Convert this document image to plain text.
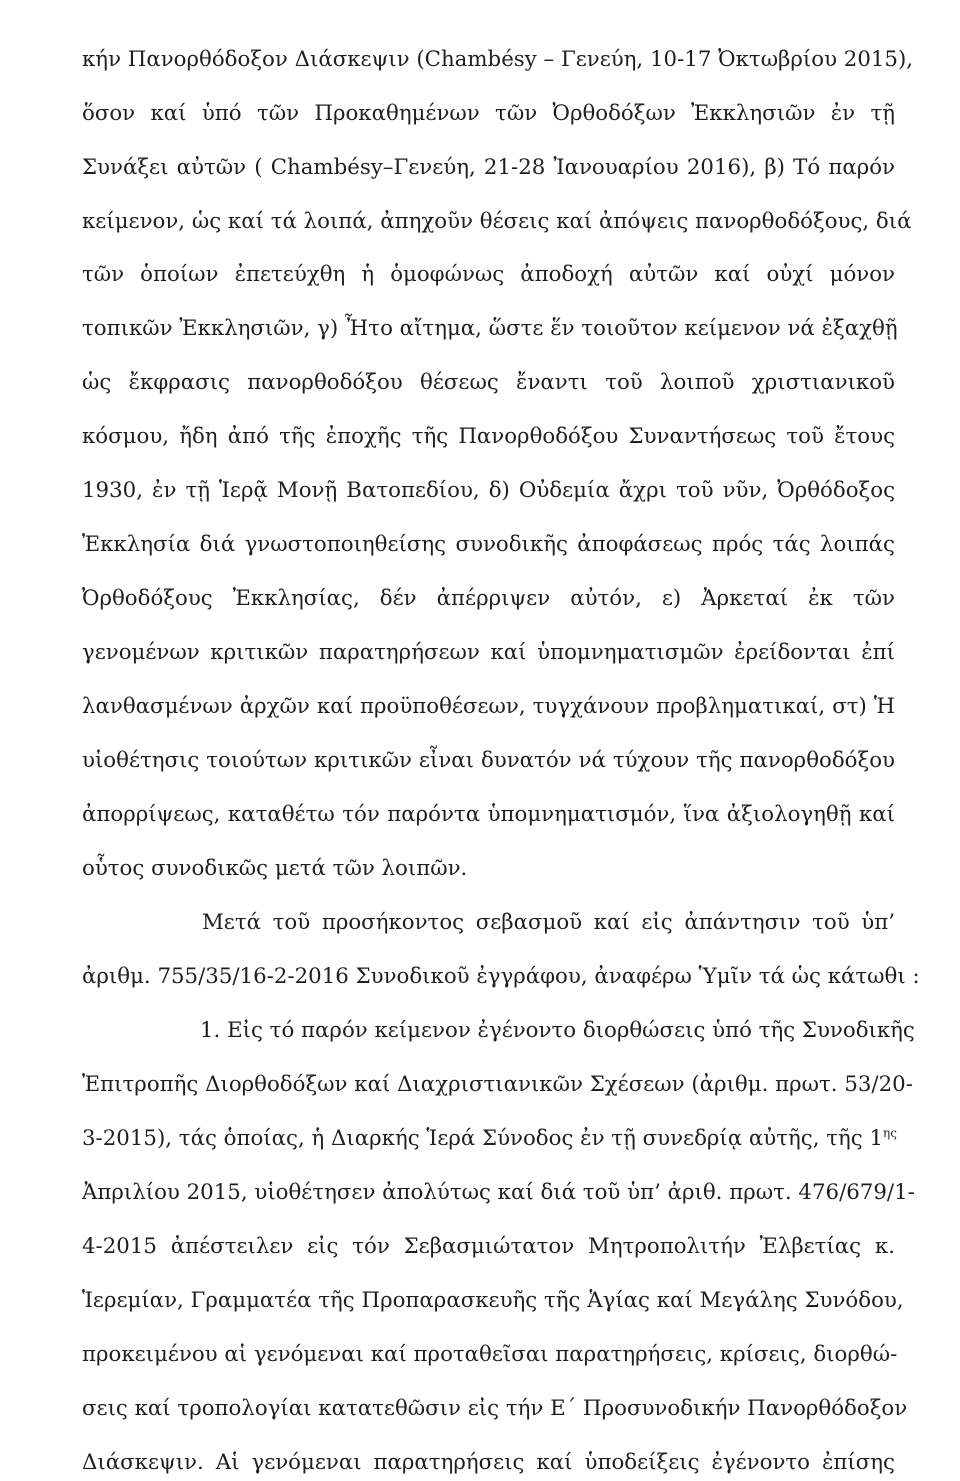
κήν Πανορθόδοξον Διάσκεψιν (Chambésy – Γενεύη, 10-17 Ὀκτωβρίου 2015),
ὅσον καί ὑπό τῶν Προκαθημένων τῶν Ὀρθοδόξων Ἐκκλησιῶν ἐν τῇ
Συνάξει αὐτῶν ( Chambésy–Γενεύη, 21-28 Ἰανουαρίου 2016), β) Τό παρόν
κείμενον, ὡς καί τά λοιπά, ἀπηχοῦν θέσεις καί ἀπόψεις πανορθοδόξους, διά
τῶν ὁποίων ἐπετεύχθη ἡ ὁμοφώνως ἀποδοχή αὐτῶν καί οὐχί μόνον
τοπικῶν Ἐκκλησιῶν, γ) Ἦτο αἴτημα, ὥστε ἕν τοιοῦτον κείμενον νά ἐξαχθῇ
ὡς ἔκφρασις πανορθοδόξου θέσεως ἔναντι τοῦ λοιποῦ χριστιανικοῦ
κόσμου, ἤδη ἀπό τῆς ἐποχῆς τῆς Πανορθοδόξου Συναντήσεως τοῦ ἔτους
1930, ἐν τῇ Ἱερᾷ Μονῇ Βατοπεδίου, δ) Οὐδεμία ἄχρι τοῦ νῦν, Ὀρθόδοξος
Ἐκκλησία διά γνωστοποιηθείσης συνοδικῆς ἀποφάσεως πρός τάς λοιπάς
Ὀρθοδόξους Ἐκκλησίας, δέν ἀπέρριψεν αὐτόν, ε) Ἀρκεταί ἐκ τῶν
γενομένων κριτικῶν παρατηρήσεων καί ὑπομνηματισμῶν ἐρείδονται ἐπί
λανθασμένων ἀρχῶν καί προϋποθέσεων, τυγχάνουν προβληματικαί, στ) Ἡ
υἱοθέτησις τοιούτων κριτικῶν εἶναι δυνατόν νά τύχουν τῆς πανορθοδόξου
ἀπορρίψεως, καταθέτω τόν παρόντα ὑπομνηματισμόν, ἵνα ἀξιολογηθῇ καί
οὗτος συνοδικῶς μετά τῶν λοιπῶν.
Μετά τοῦ προσήκοντος σεβασμοῦ καί εἰς ἀπάντησιν τοῦ ὑπ’
ἀριθμ. 755/35/16-2-2016 Συνοδικοῦ ἐγγράφου, ἀναφέρω Ὑμῖν τά ὡς κάτωθι :
1. Εἰς τό παρόν κείμενον ἐγένοντο διορθώσεις ὑπό τῆς Συνοδικῆς
Ἐπιτροπῆς Διορθοδόξων καί Διαχριστιανικῶν Σχέσεων (ἀριθμ. πρωτ. 53/20-
3-2015), τάς ὁποίας, ἡ Διαρκής Ἱερά Σύνοδος ἐν τῇ συνεδρίᾳ αὐτῆς, τῆς $1^{\eta\varsigma}$
Ἀπριλίου 2015, υἱοθέτησεν ἀπολύτως καί διά τοῦ ὑπ’ ἀριθ. πρωτ. 476/679/1-
4-2015 ἀπέστειλεν εἰς τόν Σεβασμιώτατον Μητροπολιτήν Ἐλβετίας κ.
Ἱερεμίαν, Γραμματέα τῆς Προπαρασκευῆς τῆς Ἁγίας καί Μεγάλης Συνόδου,
προκειμένου αἱ γενόμεναι καί προταθεῖσαι παρατηρήσεις, κρίσεις, διορθώ-
σεις καί τροπολογίαι κατατεθῶσιν εἰς τήν Ε΄ Προσυνοδικήν Πανορθόδοξον
Διάσκεψιν. Αἱ γενόμεναι παρατηρήσεις καί ὑποδείξεις ἐγένοντο ἐπίσης
